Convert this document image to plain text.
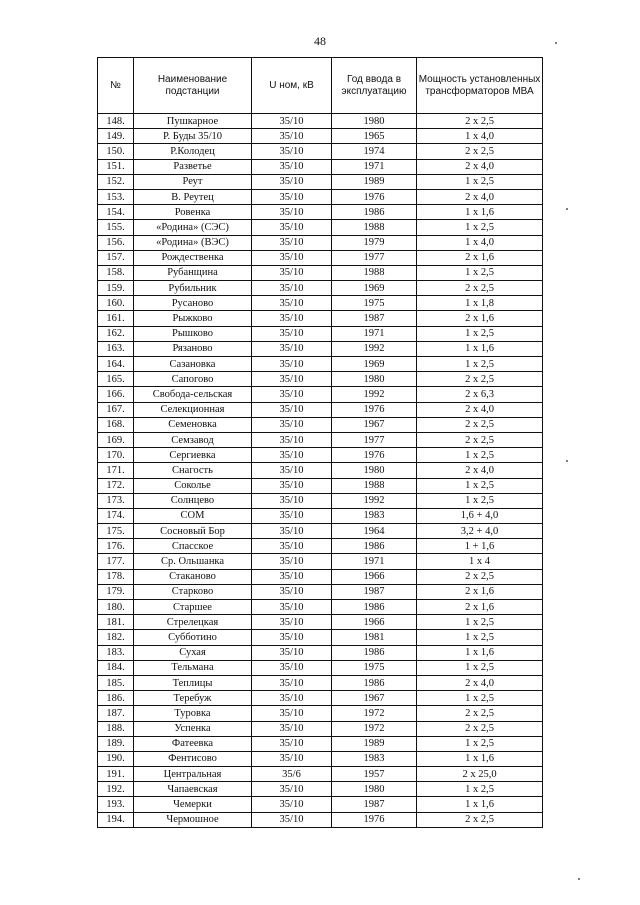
48
№	Наименование подстанции	U ном, кВ	Год ввода в эксплуатацию	Мощность установленных трансформаторов МВА
148.	Пушкарное	35/10	1980	2 х 2,5
149.	Р. Буды 35/10	35/10	1965	1 х 4,0
150.	Р.Колодец	35/10	1974	2 х 2,5
151.	Разветье	35/10	1971	2 х 4,0
152.	Реут	35/10	1989	1 х 2,5
153.	В. Реутец	35/10	1976	2 х 4,0
154.	Ровенка	35/10	1986	1 х 1,6
155.	«Родина» (СЭС)	35/10	1988	1 х 2,5
156.	«Родина» (ВЭС)	35/10	1979	1 х 4,0
157.	Рождественка	35/10	1977	2 х 1,6
158.	Рубанщина	35/10	1988	1 х 2,5
159.	Рубильник	35/10	1969	2 х 2,5
160.	Русаново	35/10	1975	1 х 1,8
161.	Рыжково	35/10	1987	2 х 1,6
162.	Рышково	35/10	1971	1 х 2,5
163.	Рязаново	35/10	1992	1 х 1,6
164.	Сазановка	35/10	1969	1 х 2,5
165.	Сапогово	35/10	1980	2 х 2,5
166.	Свобода-сельская	35/10	1992	2 х 6,3
167.	Селекционная	35/10	1976	2 х 4,0
168.	Семеновка	35/10	1967	2 х 2,5
169.	Семзавод	35/10	1977	2 х 2,5
170.	Сергиевка	35/10	1976	1 х 2,5
171.	Снагость	35/10	1980	2 х 4,0
172.	Соколье	35/10	1988	1 х 2,5
173.	Солнцево	35/10	1992	1 х 2,5
174.	СОМ	35/10	1983	1,6 + 4,0
175.	Сосновый Бор	35/10	1964	3,2 + 4,0
176.	Спасское	35/10	1986	1 + 1,6
177.	Ср. Ольшанка	35/10	1971	1 х 4
178.	Стаканово	35/10	1966	2 х 2,5
179.	Старково	35/10	1987	2 х 1,6
180.	Старшее	35/10	1986	2 х 1,6
181.	Стрелецкая	35/10	1966	1 х 2,5
182.	Субботино	35/10	1981	1 х 2,5
183.	Сухая	35/10	1986	1 х 1,6
184.	Тельмана	35/10	1975	1 х 2,5
185.	Теплицы	35/10	1986	2 х 4,0
186.	Теребуж	35/10	1967	1 х 2,5
187.	Туровка	35/10	1972	2 х 2,5
188.	Успенка	35/10	1972	2 х 2,5
189.	Фатеевка	35/10	1989	1 х 2,5
190.	Фентисово	35/10	1983	1 х 1,6
191.	Центральная	35/6	1957	2 х 25,0
192.	Чапаевская	35/10	1980	1 х 2,5
193.	Чемерки	35/10	1987	1 х 1,6
194.	Чермошное	35/10	1976	2 х 2,5
